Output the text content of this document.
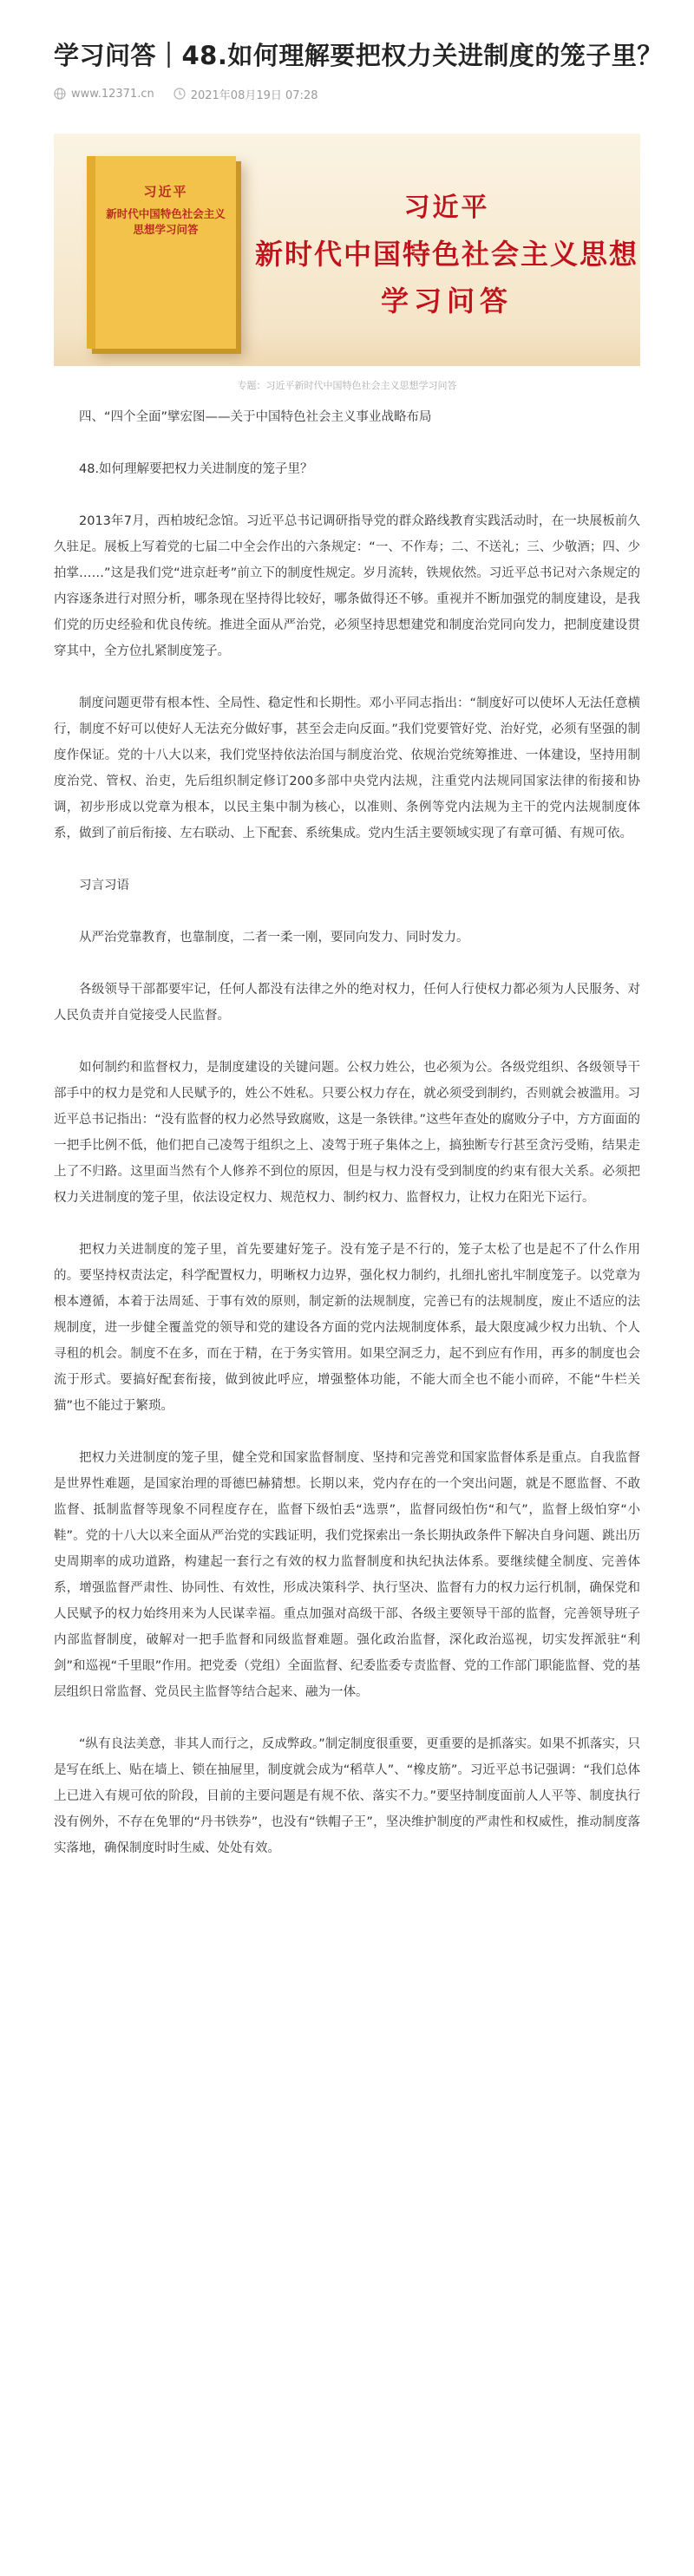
学习问答｜48.如何理解要把权力关进制度的笼子里？
www.12371.cn	2021年08月19日 07:28
习近平
新时代中国特色社会主义思想学习问答
习近平
新时代中国特色社会主义思想
学习问答
专题：习近平新时代中国特色社会主义思想学习问答

四、“四个全面”擘宏图——关于中国特色社会主义事业战略布局

48.如何理解要把权力关进制度的笼子里？

2013年7月，西柏坡纪念馆。习近平总书记调研指导党的群众路线教育实践活动时，在一块展板前久久驻足。展板上写着党的七届二中全会作出的六条规定：“一、不作寿；二、不送礼；三、少敬酒；四、少拍掌……”这是我们党“进京赶考”前立下的制度性规定。岁月流转，铁规依然。习近平总书记对六条规定的内容逐条进行对照分析，哪条现在坚持得比较好，哪条做得还不够。重视并不断加强党的制度建设，是我们党的历史经验和优良传统。推进全面从严治党，必须坚持思想建党和制度治党同向发力，把制度建设贯穿其中，全方位扎紧制度笼子。

制度问题更带有根本性、全局性、稳定性和长期性。邓小平同志指出：“制度好可以使坏人无法任意横行，制度不好可以使好人无法充分做好事，甚至会走向反面。”我们党要管好党、治好党，必须有坚强的制度作保证。党的十八大以来，我们党坚持依法治国与制度治党、依规治党统筹推进、一体建设，坚持用制度治党、管权、治吏，先后组织制定修订200多部中央党内法规，注重党内法规同国家法律的衔接和协调，初步形成以党章为根本，以民主集中制为核心，以准则、条例等党内法规为主干的党内法规制度体系，做到了前后衔接、左右联动、上下配套、系统集成。党内生活主要领域实现了有章可循、有规可依。

习言习语

从严治党靠教育，也靠制度，二者一柔一刚，要同向发力、同时发力。

各级领导干部都要牢记，任何人都没有法律之外的绝对权力，任何人行使权力都必须为人民服务、对人民负责并自觉接受人民监督。

如何制约和监督权力，是制度建设的关键问题。公权力姓公，也必须为公。各级党组织、各级领导干部手中的权力是党和人民赋予的，姓公不姓私。只要公权力存在，就必须受到制约，否则就会被滥用。习近平总书记指出：“没有监督的权力必然导致腐败，这是一条铁律。”这些年查处的腐败分子中，方方面面的一把手比例不低，他们把自己凌驾于组织之上、凌驾于班子集体之上，搞独断专行甚至贪污受贿，结果走上了不归路。这里面当然有个人修养不到位的原因，但是与权力没有受到制度的约束有很大关系。必须把权力关进制度的笼子里，依法设定权力、规范权力、制约权力、监督权力，让权力在阳光下运行。

把权力关进制度的笼子里，首先要建好笼子。没有笼子是不行的，笼子太松了也是起不了什么作用的。要坚持权责法定，科学配置权力，明晰权力边界，强化权力制约，扎细扎密扎牢制度笼子。以党章为根本遵循，本着于法周延、于事有效的原则，制定新的法规制度，完善已有的法规制度，废止不适应的法规制度，进一步健全覆盖党的领导和党的建设各方面的党内法规制度体系，最大限度减少权力出轨、个人寻租的机会。制度不在多，而在于精，在于务实管用。如果空洞乏力，起不到应有作用，再多的制度也会流于形式。要搞好配套衔接，做到彼此呼应，增强整体功能，不能大而全也不能小而碎，不能“牛栏关猫”也不能过于繁琐。

把权力关进制度的笼子里，健全党和国家监督制度、坚持和完善党和国家监督体系是重点。自我监督是世界性难题，是国家治理的哥德巴赫猜想。长期以来，党内存在的一个突出问题，就是不愿监督、不敢监督、抵制监督等现象不同程度存在，监督下级怕丢“选票”，监督同级怕伤“和气”，监督上级怕穿“小鞋”。党的十八大以来全面从严治党的实践证明，我们党探索出一条长期执政条件下解决自身问题、跳出历史周期率的成功道路，构建起一套行之有效的权力监督制度和执纪执法体系。要继续健全制度、完善体系，增强监督严肃性、协同性、有效性，形成决策科学、执行坚决、监督有力的权力运行机制，确保党和人民赋予的权力始终用来为人民谋幸福。重点加强对高级干部、各级主要领导干部的监督，完善领导班子内部监督制度，破解对一把手监督和同级监督难题。强化政治监督，深化政治巡视，切实发挥派驻“利剑”和巡视“千里眼”作用。把党委（党组）全面监督、纪委监委专责监督、党的工作部门职能监督、党的基层组织日常监督、党员民主监督等结合起来、融为一体。

“纵有良法美意，非其人而行之，反成弊政。”制定制度很重要，更重要的是抓落实。如果不抓落实，只是写在纸上、贴在墙上、锁在抽屉里，制度就会成为“稻草人”、“橡皮筋”。习近平总书记强调：“我们总体上已进入有规可依的阶段，目前的主要问题是有规不依、落实不力。”要坚持制度面前人人平等、制度执行没有例外，不存在免罪的“丹书铁券”，也没有“铁帽子王”，坚决维护制度的严肃性和权威性，推动制度落实落地，确保制度时时生威、处处有效。
